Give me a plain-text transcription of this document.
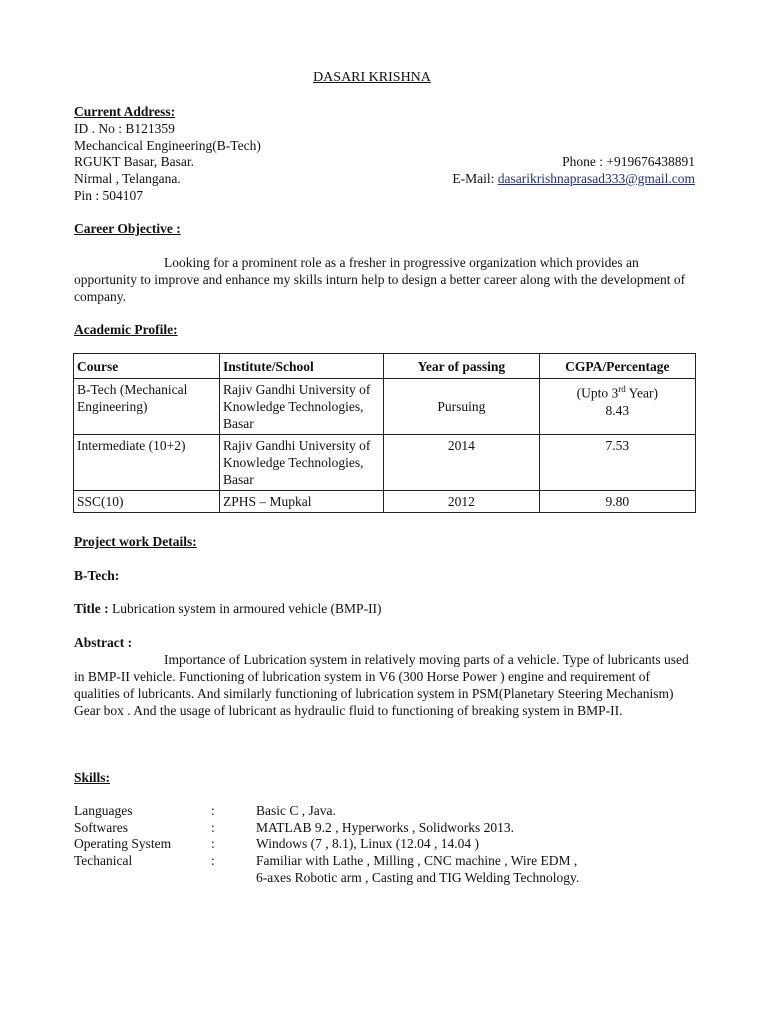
DASARI KRISHNA
Current Address:
ID . No : B121359
Mechancical Engineering(B-Tech)
RGUKT Basar, Basar.
Nirmal , Telangana.
Pin : 504107
Phone : +919676438891
E-Mail: dasarikrishnaprasad333@gmail.com
Career Objective :
Looking for a prominent role as a fresher in progressive organization which provides an opportunity to improve and enhance my skills inturn help to design a better career along with the development of company.
Academic Profile:
Course	Institute/School	Year of passing	CGPA/Percentage
B-Tech (Mechanical Engineering)	Rajiv Gandhi University of Knowledge Technologies, Basar	Pursuing	(Upto 3rd Year)
8.43

Intermediate (10+2)	Rajiv Gandhi University of Knowledge Technologies, Basar	2014	7.53
SSC(10)	ZPHS – Mupkal	2012	9.80
Project work Details:
B-Tech:
Title : Lubrication system in armoured vehicle (BMP-II)
Abstract :
Importance of Lubrication system in relatively moving parts of a vehicle. Type of lubricants used in BMP-II vehicle. Functioning of lubrication system in V6 (300 Horse Power ) engine and requirement of qualities of lubricants. And similarly functioning of lubrication system in PSM(Planetary Steering Mechanism) Gear box . And the usage of lubricant as hydraulic fluid to functioning of breaking system in BMP-II.
Skills:
Languages	:	Basic C , Java.
Softwares	:	MATLAB 9.2 , Hyperworks , Solidworks 2013.
Operating System	:	Windows (7 , 8.1), Linux (12.04 , 14.04 )
Techanical	:	Familiar with Lathe , Milling , CNC machine , Wire EDM ,
6-axes Robotic arm , Casting and TIG Welding Technology.
